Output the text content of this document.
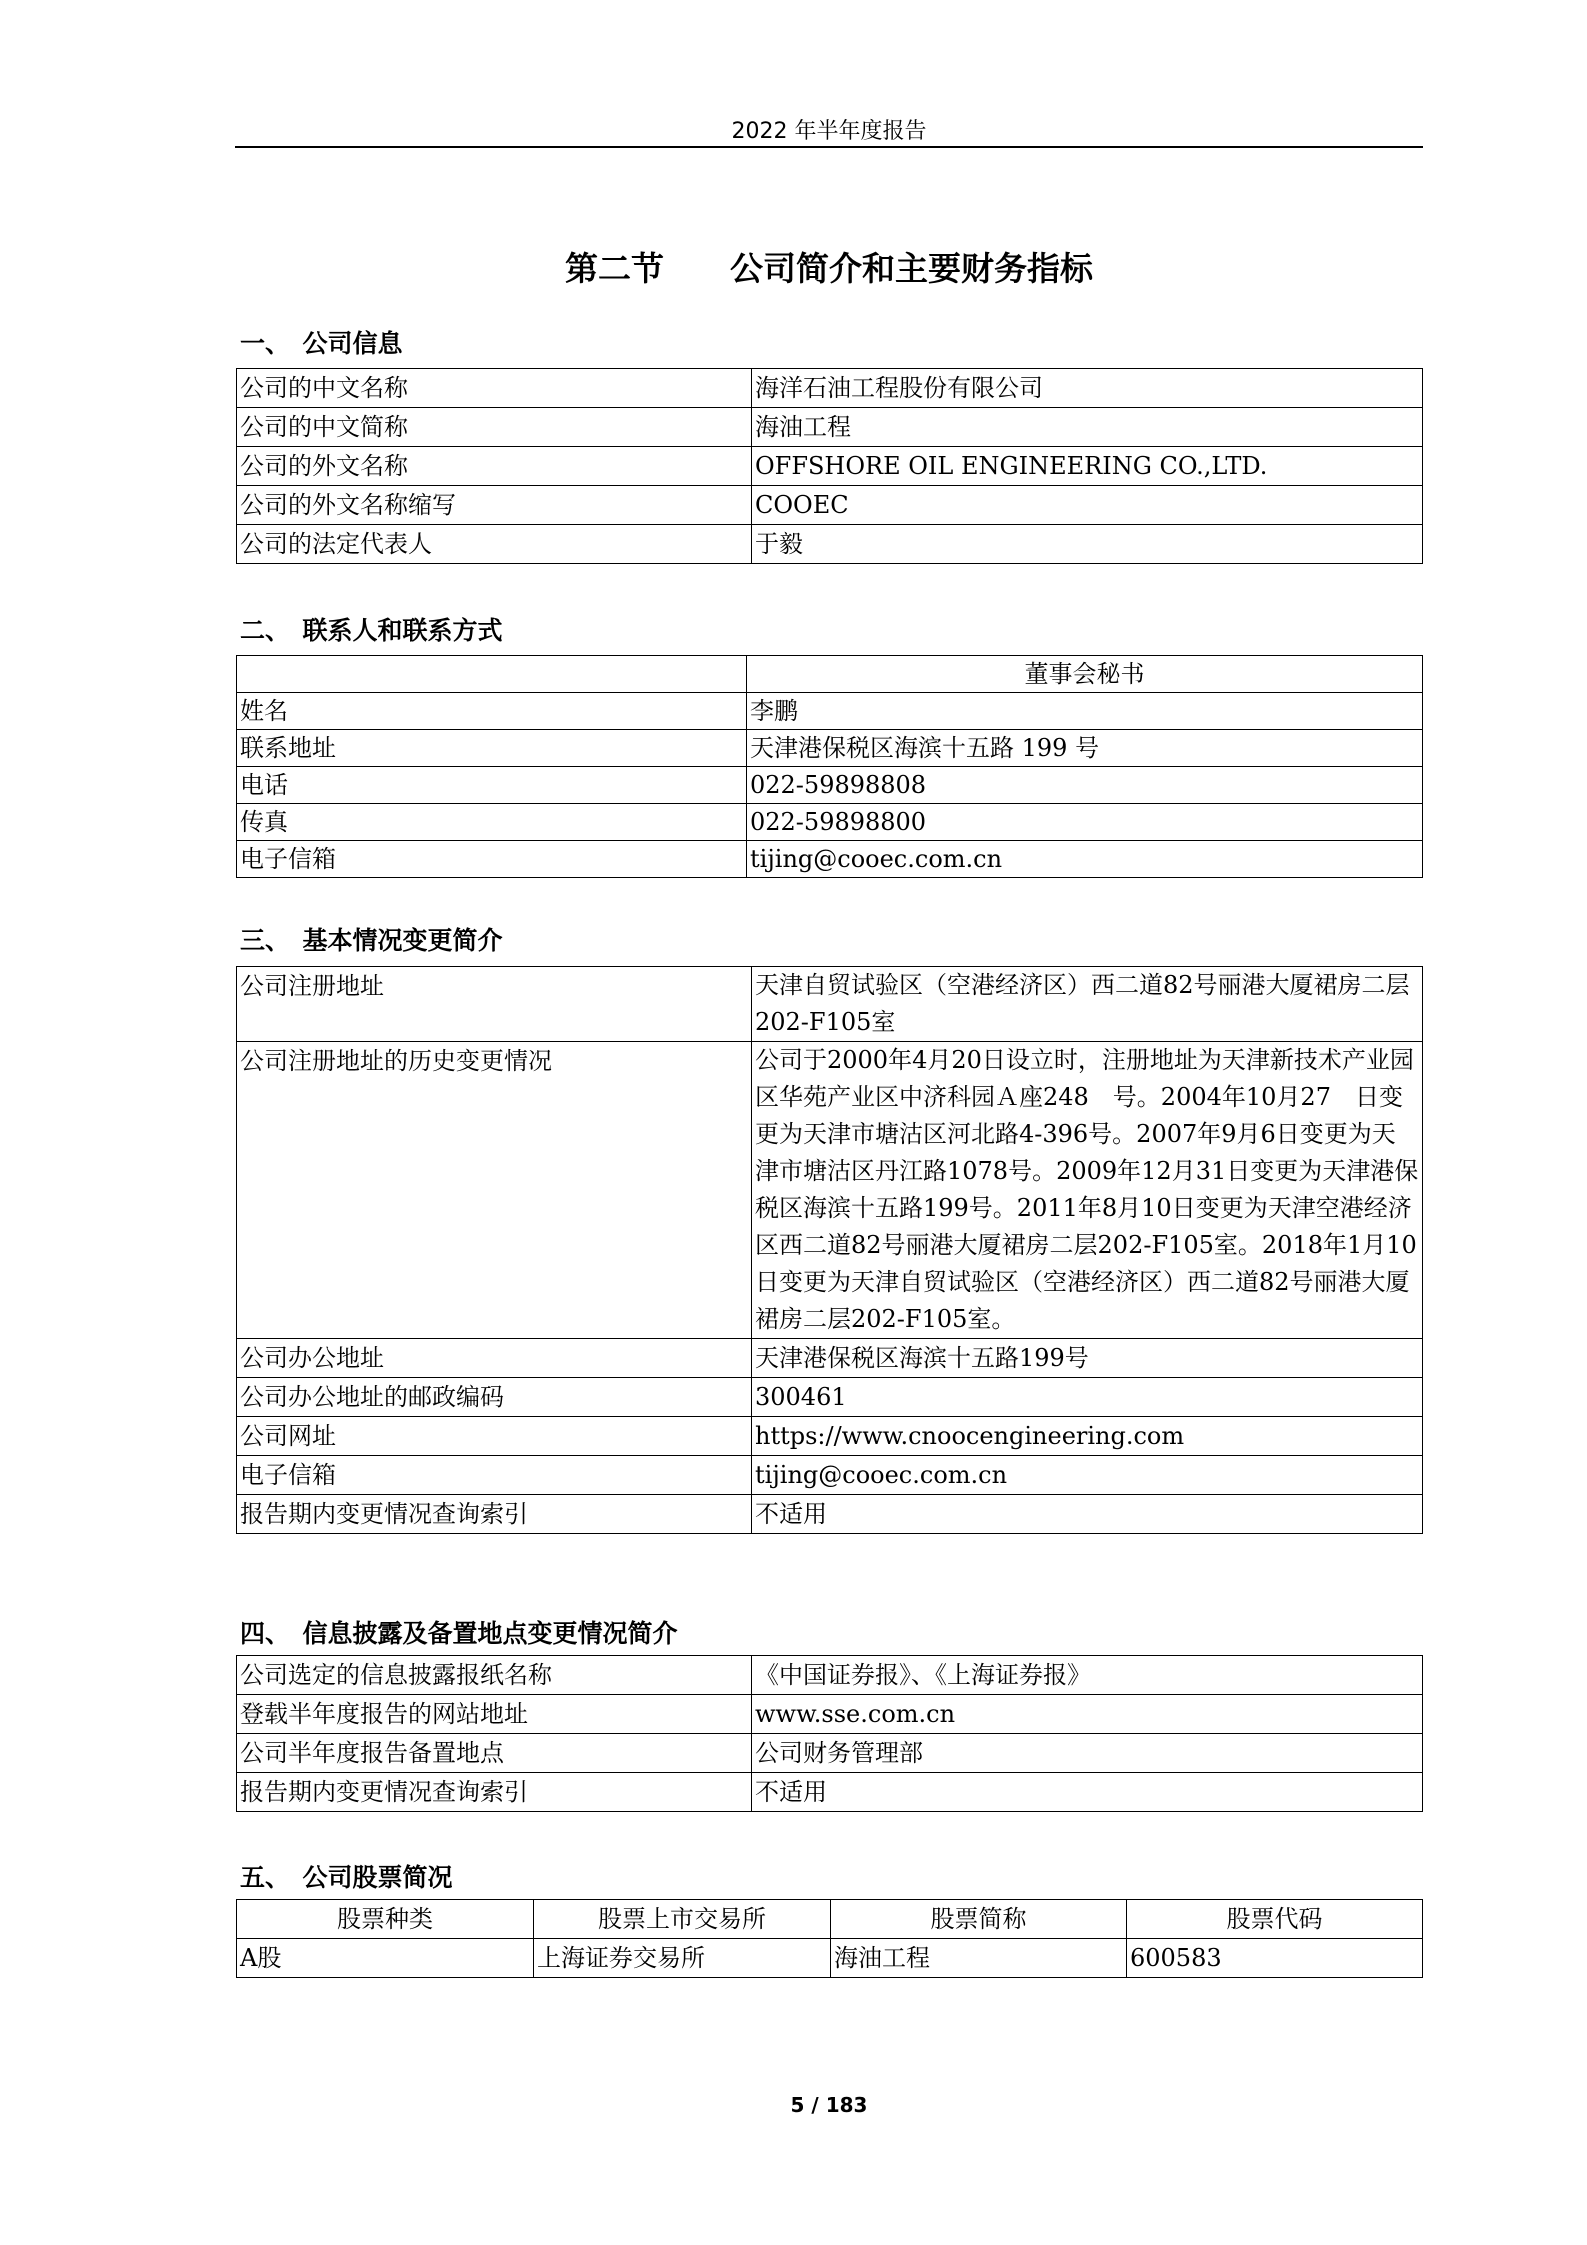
2022 年半年度报告
第二节　　公司简介和主要财务指标
一、　公司信息
公司的中文名称	海洋石油工程股份有限公司
公司的中文简称	海油工程
公司的外文名称	OFFSHORE OIL ENGINEERING CO.,LTD.
公司的外文名称缩写	COOEC
公司的法定代表人	于毅
二、　联系人和联系方式
	董事会秘书
姓名	李鹏
联系地址	天津港保税区海滨十五路 199 号
电话	022-59898808
传真	022-59898800
电子信箱	tijing@cooec.com.cn
三、　基本情况变更简介
公司注册地址	天津自贸试验区（空港经济区）西二道82号丽港大厦裙房二层202-F105室
公司注册地址的历史变更情况	公司于2000年4月20日设立时，注册地址为天津新技术产业园区华苑产业区中济科园Ａ座248　号。2004年10月27　日变更为天津市塘沽区河北路4-396号。2007年9月6日变更为天津市塘沽区丹江路1078号。2009年12月31日变更为天津港保税区海滨十五路199号。2011年8月10日变更为天津空港经济区西二道82号丽港大厦裙房二层202-F105室。2018年1月10日变更为天津自贸试验区（空港经济区）西二道82号丽港大厦裙房二层202-F105室。
公司办公地址	天津港保税区海滨十五路199号
公司办公地址的邮政编码	300461
公司网址	https://www.cnoocengineering.com
电子信箱	tijing@cooec.com.cn
报告期内变更情况查询索引	不适用
四、　信息披露及备置地点变更情况简介
公司选定的信息披露报纸名称	《中国证券报》、《上海证券报》
登载半年度报告的网站地址	www.sse.com.cn
公司半年度报告备置地点	公司财务管理部
报告期内变更情况查询索引	不适用
五、　公司股票简况
股票种类	股票上市交易所	股票简称	股票代码
A股	上海证券交易所	海油工程	600583
5 / 183
